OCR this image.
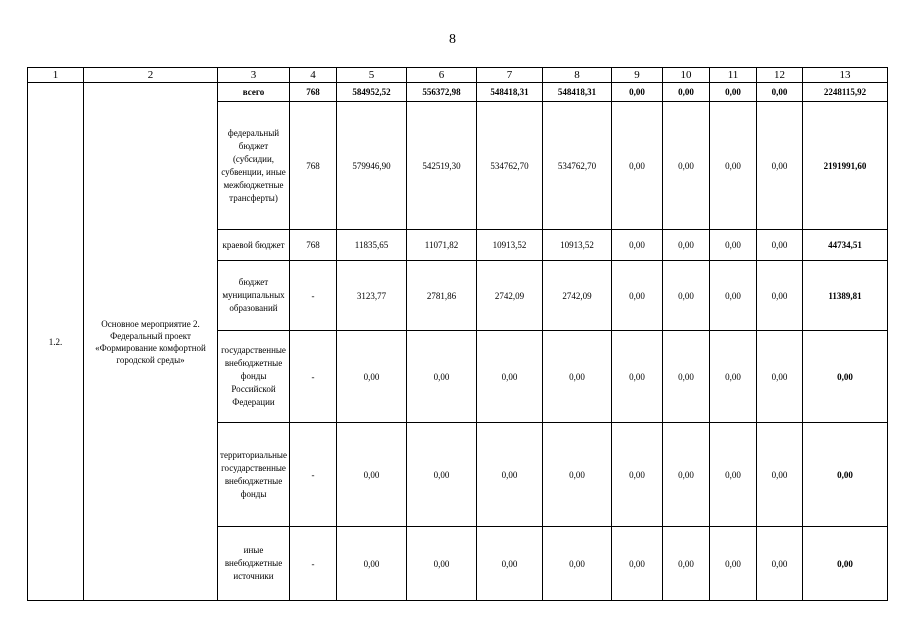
8
1	2	3	4	5	6	7	8	9	10	11	12	13
1.2.	Основное мероприятие 2. Федеральный проект «Формирование комфортной городской среды»	всего	768	584952,52	556372,98	548418,31	548418,31	0,00	0,00	0,00	0,00	2248115,92
		федеральный бюджет (субсидии, субвенции, иные межбюджетные трансферты)	768	579946,90	542519,30	534762,70	534762,70	0,00	0,00	0,00	0,00	2191991,60
		краевой бюджет	768	11835,65	11071,82	10913,52	10913,52	0,00	0,00	0,00	0,00	44734,51
		бюджет муниципальных образований	-	3123,77	2781,86	2742,09	2742,09	0,00	0,00	0,00	0,00	11389,81
		государственные внебюджетные фонды Российской Федерации	-	0,00	0,00	0,00	0,00	0,00	0,00	0,00	0,00	0,00
		территориальные государственные внебюджетные фонды	-	0,00	0,00	0,00	0,00	0,00	0,00	0,00	0,00	0,00
		иные внебюджетные источники	-	0,00	0,00	0,00	0,00	0,00	0,00	0,00	0,00	0,00
